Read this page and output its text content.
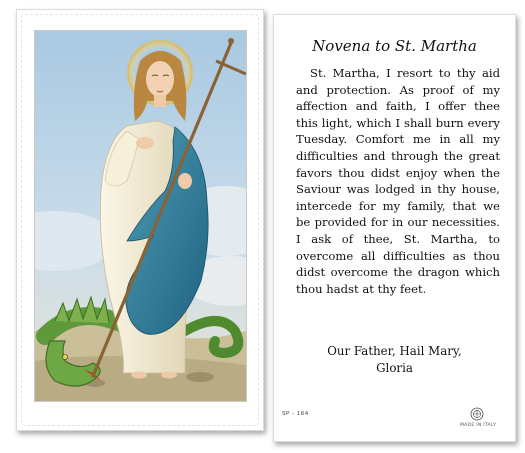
Novena to St. Martha

St. Martha, I resort to thy aid and protection. As proof of my affection and faith, I offer thee this light, which I shall burn every Tuesday. Comfort me in all my difficulties and through the great favors thou didst enjoy when the Saviour was lodged in thy house, intercede for my family, that we be provided for in our necessities. I ask of thee, St. Martha, to overcome all difficulties as thou didst overcome the dragon which thou hadst at thy feet.

Our Father, Hail Mary,
Gloria
SP - 164
MADE IN ITALY
